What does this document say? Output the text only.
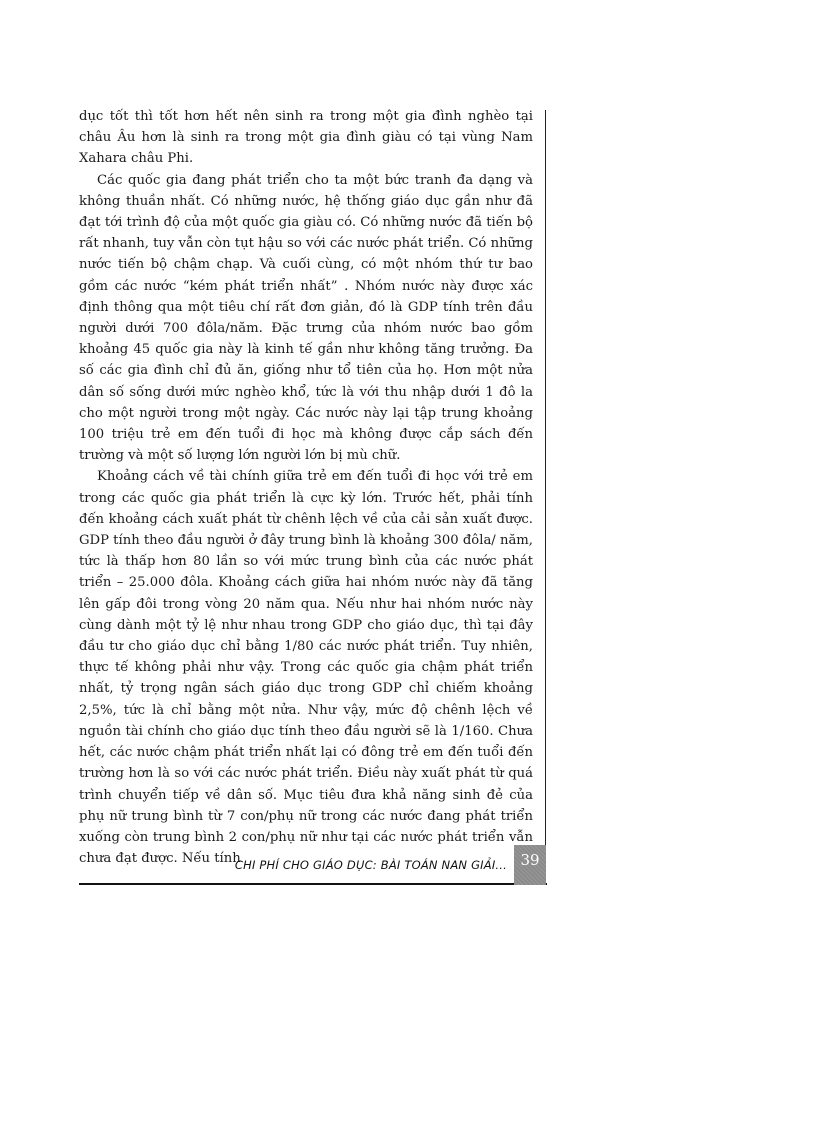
dục tốt thì tốt hơn hết nên sinh ra trong một gia đình nghèo tại châu Âu hơn là sinh ra trong một gia đình giàu có tại vùng Nam Xahara châu Phi.

Các quốc gia đang phát triển cho ta một bức tranh đa dạng và không thuần nhất. Có những nước, hệ thống giáo dục gần như đã đạt tới trình độ của một quốc gia giàu có. Có những nước đã tiến bộ rất nhanh, tuy vẫn còn tụt hậu so với các nước phát triển. Có những nước tiến bộ chậm chạp. Và cuối cùng, có một nhóm thứ tư bao gồm các nước “kém phát triển nhất” . Nhóm nước này được xác định thông qua một tiêu chí rất đơn giản, đó là GDP tính trên đầu người dưới 700 đôla/năm. Đặc trưng của nhóm nước bao gồm khoảng 45 quốc gia này là kinh tế gần như không tăng trưởng. Đa số các gia đình chỉ đủ ăn, giống như tổ tiên của họ. Hơn một nửa dân số sống dưới mức nghèo khổ, tức là với thu nhập dưới 1 đô la cho một người trong một ngày. Các nước này lại tập trung khoảng 100 triệu trẻ em đến tuổi đi học mà không được cắp sách đến trường và một số lượng lớn người lớn bị mù chữ.

Khoảng cách về tài chính giữa trẻ em đến tuổi đi học với trẻ em trong các quốc gia phát triển là cực kỳ lớn. Trước hết, phải tính đến khoảng cách xuất phát từ chênh lệch về của cải sản xuất được. GDP tính theo đầu người ở đây trung bình là khoảng 300 đôla/ năm, tức là thấp hơn 80 lần so với mức trung bình của các nước phát triển – 25.000 đôla. Khoảng cách giữa hai nhóm nước này đã tăng lên gấp đôi trong vòng 20 năm qua. Nếu như hai nhóm nước này cùng dành một tỷ lệ như nhau trong GDP cho giáo dục, thì tại đây đầu tư cho giáo dục chỉ bằng 1/80 các nước phát triển. Tuy nhiên, thực tế không phải như vậy. Trong các quốc gia chậm phát triển nhất, tỷ trọng ngân sách giáo dục trong GDP chỉ chiếm khoảng 2,5%, tức là chỉ bằng một nửa. Như vậy, mức độ chênh lệch về nguồn tài chính cho giáo dục tính theo đầu người sẽ là 1/160. Chưa hết, các nước chậm phát triển nhất lại có đông trẻ em đến tuổi đến trường hơn là so với các nước phát triển. Điều này xuất phát từ quá trình chuyển tiếp về dân số. Mục tiêu đưa khả năng sinh đẻ của phụ nữ trung bình từ 7 con/phụ nữ trong các nước đang phát triển xuống còn trung bình 2 con/phụ nữ như tại các nước phát triển vẫn chưa đạt được. Nếu tính

CHI PHÍ CHO GIÁO DỤC: BÀI TOÁN NAN GIẢI... 39
